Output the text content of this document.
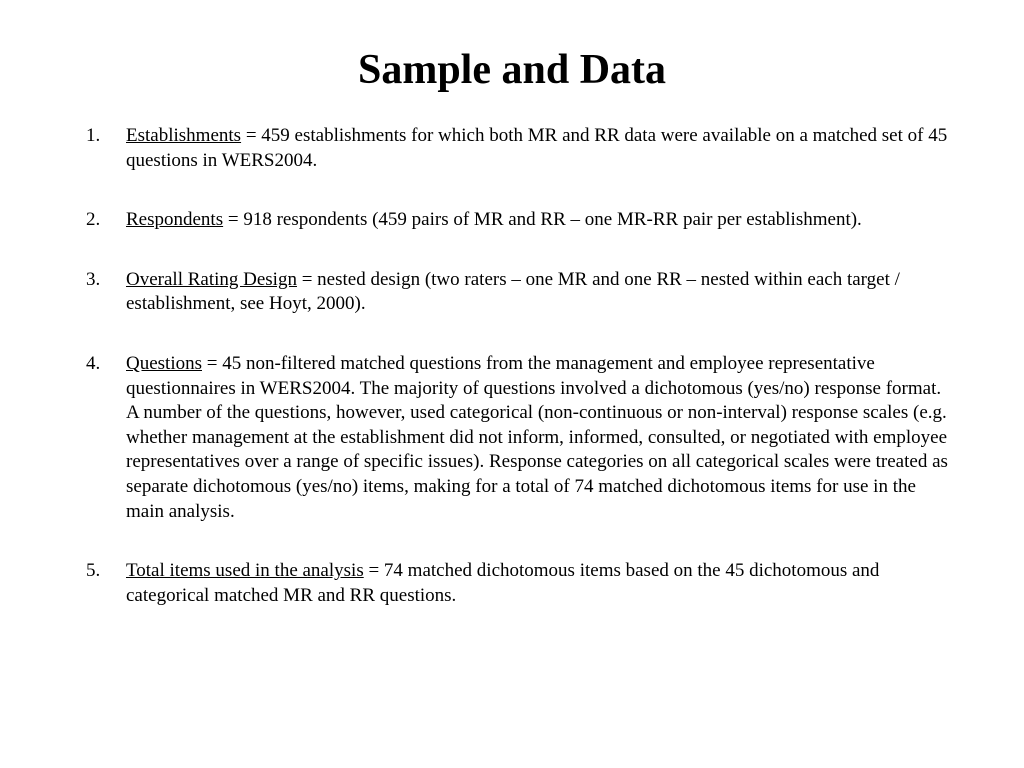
Sample and Data
1.	Establishments = 459 establishments for which both MR and RR data were available on a matched set of 45 questions in WERS2004.
2.	Respondents = 918 respondents (459 pairs of MR and RR – one MR-RR pair per establishment).
3.	Overall Rating Design = nested design (two raters – one MR and one RR – nested within each target / establishment, see Hoyt, 2000).
4.	Questions = 45 non-filtered matched questions from the management and employee representative questionnaires in WERS2004. The majority of questions involved a dichotomous (yes/no) response format. A number of the questions, however, used categorical (non-continuous or non-interval) response scales (e.g. whether management at the establishment did not inform, informed, consulted, or negotiated with employee representatives over a range of specific issues). Response categories on all categorical scales were treated as separate dichotomous (yes/no) items, making for a total of 74 matched dichotomous items for use in the main analysis.
5.	Total items used in the analysis = 74 matched dichotomous items based on the 45 dichotomous and categorical matched MR and RR questions.
